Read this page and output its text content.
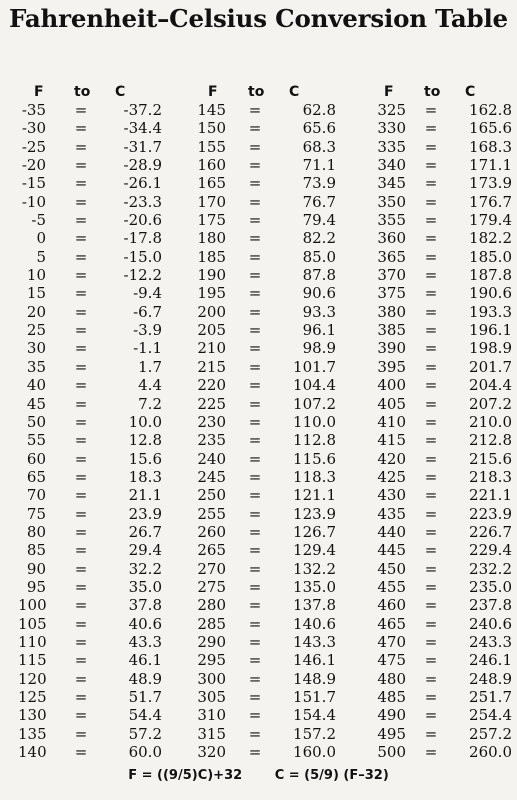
Fahrenheit–Celsius Conversion Table
F to C
-35 = -37.2
-30 = -34.4
-25 = -31.7
-20 = -28.9
-15 = -26.1
-10 = -23.3
-5 = -20.6
0 = -17.8
5 = -15.0
10 = -12.2
15 =	-9.4
20 =	-6.7
25 =	-3.9
30 =	-1.1
35 =	1.7
40 =	4.4
45 =	7.2
50 =	10.0
55 =	12.8
60 =	15.6
65 =	18.3
70 =	21.1
75 =	23.9
80 =	26.7
85 =	29.4
90 =	32.2
95 =	35.0
100 =	37.8
105 =	40.6
110 =	43.3
115 =	46.1
120 =	48.9
125 =	51.7
130 =	54.4
135 =	57.2
140 =	60.0
F to C
145 =	62.8
150 =	65.6
155 =	68.3
160 =	71.1
165 =	73.9
170 =	76.7
175 =	79.4
180 =	82.2
185 =	85.0
190 =	87.8
195 =	90.6
200 =	93.3
205 =	96.1
210 =	98.9
215 = 101.7
220 = 104.4
225 = 107.2
230 = 110.0
235 = 112.8
240 = 115.6
245 = 118.3
250 = 121.1
255 = 123.9
260 = 126.7
265 = 129.4
270 = 132.2
275 = 135.0
280 = 137.8
285 = 140.6
290 = 143.3
295 = 146.1
300 = 148.9
305 = 151.7
310 = 154.4
315 = 157.2
320 = 160.0
F to C
325 = 162.8
330 = 165.6
335 = 168.3
340 = 171.1
345 = 173.9
350 = 176.7
355 = 179.4
360 = 182.2
365 = 185.0
370 = 187.8
375 = 190.6
380 = 193.3
385 = 196.1
390 = 198.9
395 = 201.7
400 = 204.4
405 = 207.2
410 = 210.0
415 = 212.8
420 = 215.6
425 = 218.3
430 = 221.1
435 = 223.9
440 = 226.7
445 = 229.4
450 = 232.2
455 = 235.0
460 = 237.8
465 = 240.6
470 = 243.3
475 = 246.1
480 = 248.9
485 = 251.7
490 = 254.4
495 = 257.2
500 = 260.0
F = ((9/5)C)+32	C = (5/9) (F–32)
